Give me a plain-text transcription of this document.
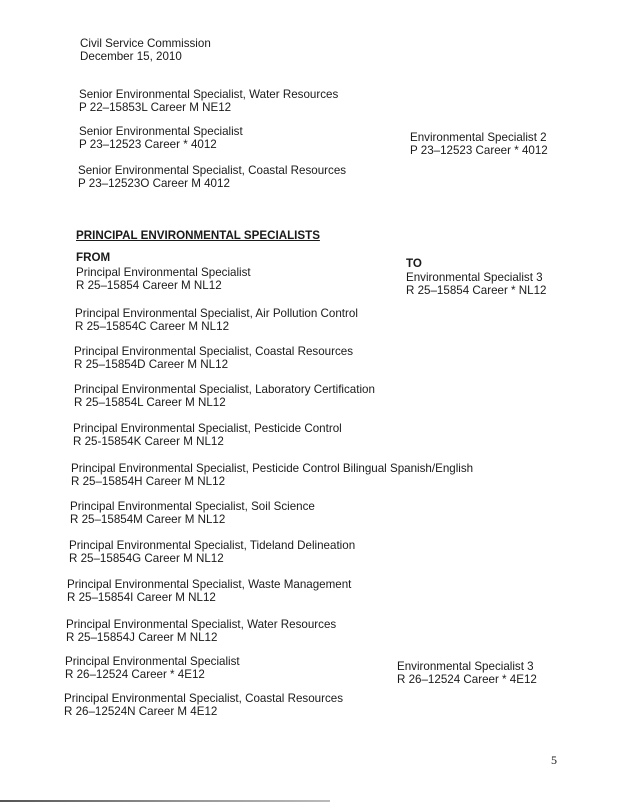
Civil Service Commission
December 15, 2010
Senior Environmental Specialist, Water Resources
P 22–15853L Career M NE12
Senior Environmental Specialist
P 23–12523 Career * 4012
Senior Environmental Specialist, Coastal Resources
P 23–12523O Career M 4012
Environmental Specialist 2
P 23–12523 Career * 4012
PRINCIPAL ENVIRONMENTAL SPECIALISTS
FROM	TO
Principal Environmental Specialist
R 25–15854 Career M NL12
Principal Environmental Specialist, Air Pollution Control
R 25–15854C Career M NL12
Principal Environmental Specialist, Coastal Resources
R 25–15854D Career M NL12
Principal Environmental Specialist, Laboratory Certification
R 25–15854L Career M NL12
Principal Environmental Specialist, Pesticide Control
R 25-15854K Career M NL12
Principal Environmental Specialist, Pesticide Control Bilingual Spanish/English
R 25–15854H Career M NL12
Principal Environmental Specialist, Soil Science
R 25–15854M Career M NL12
Principal Environmental Specialist, Tideland Delineation
R 25–15854G Career M NL12
Principal Environmental Specialist, Waste Management
R 25–15854I Career M NL12
Principal Environmental Specialist, Water Resources
R 25–15854J Career M NL12
Principal Environmental Specialist
R 26–12524 Career * 4E12
Principal Environmental Specialist, Coastal Resources
R 26–12524N Career M 4E12
Environmental Specialist 3
R 25–15854 Career * NL12
Environmental Specialist 3
R 26–12524 Career * 4E12
5
